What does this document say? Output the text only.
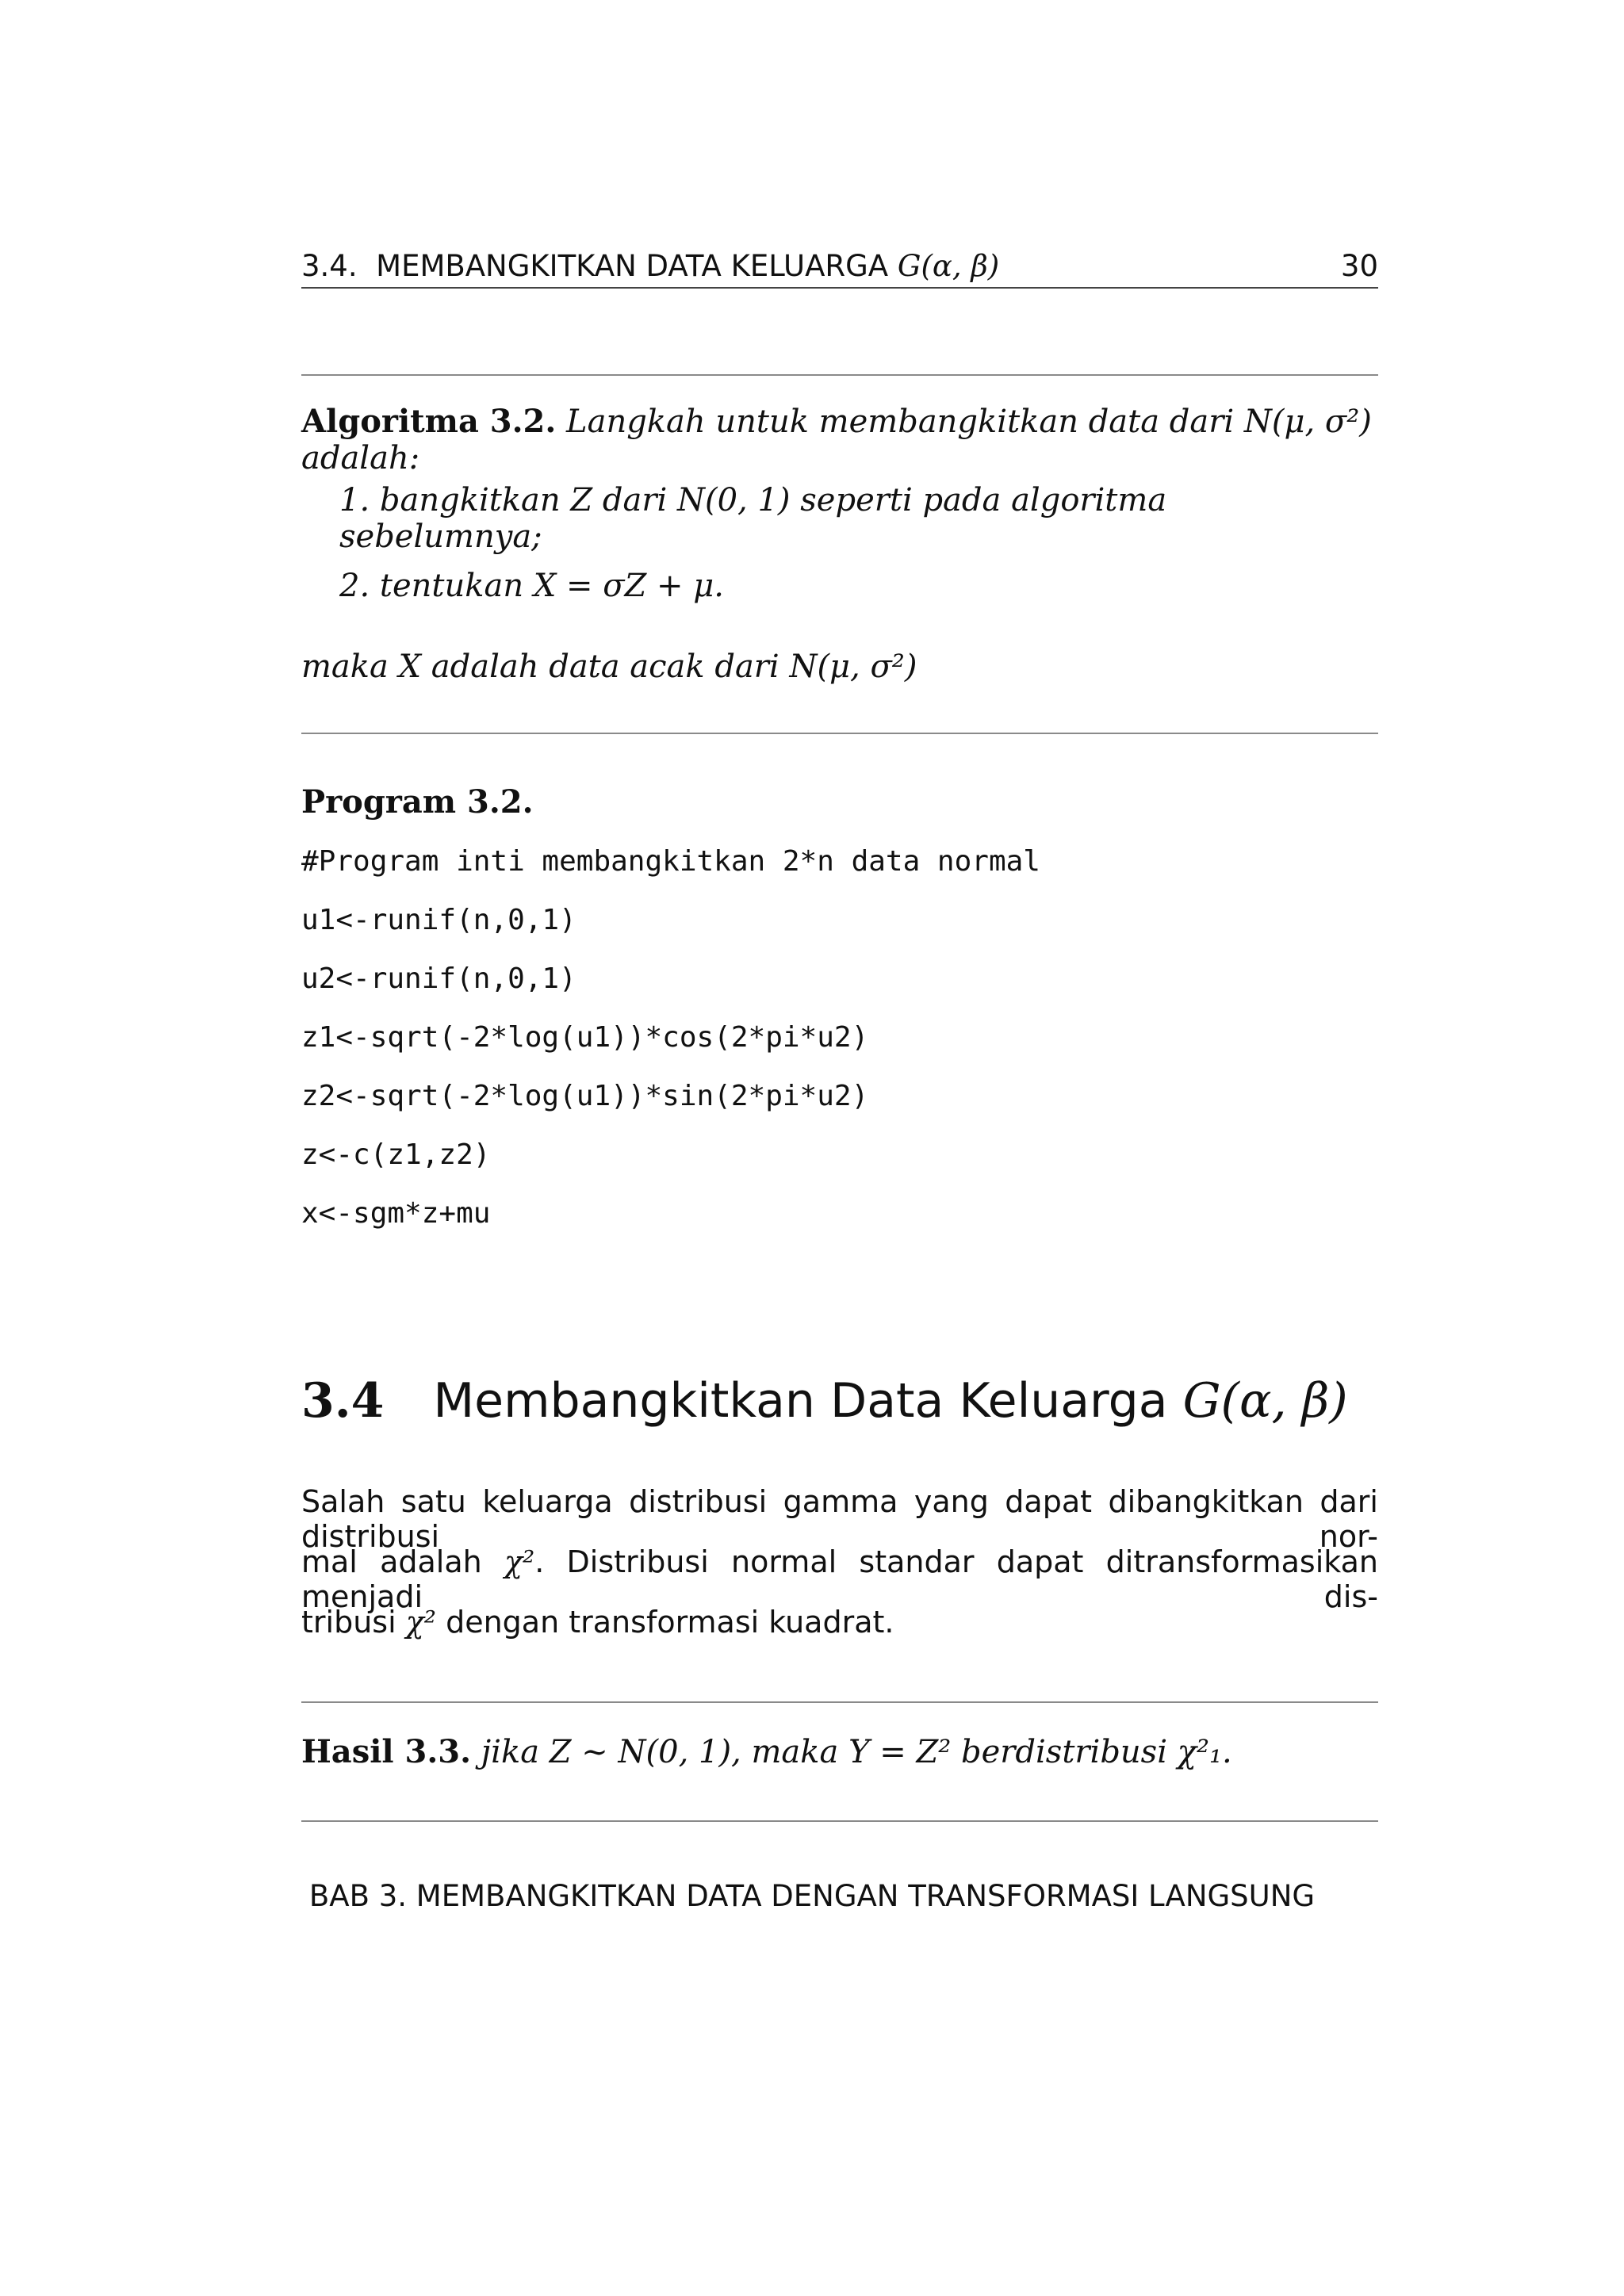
3.4. MEMBANGKITKAN DATA KELUARGA G(α, β)	30
Algoritma 3.2. Langkah untuk membangkitkan data dari N(μ, σ²) adalah:
1. bangkitkan Z dari N(0, 1) seperti pada algoritma sebelumnya;
2. tentukan X = σZ + μ.
maka X adalah data acak dari N(μ, σ²)
Program 3.2.
#Program inti membangkitkan 2*n data normal
u1<-runif(n,0,1)
u2<-runif(n,0,1)
z1<-sqrt(-2*log(u1))*cos(2*pi*u2)
z2<-sqrt(-2*log(u1))*sin(2*pi*u2)
z<-c(z1,z2)
x<-sgm*z+mu
3.4 Membangkitkan Data Keluarga G(α, β)
Salah satu keluarga distribusi gamma yang dapat dibangkitkan dari distribusi nor-
mal adalah χ². Distribusi normal standar dapat ditransformasikan menjadi dis-
tribusi χ² dengan transformasi kuadrat.
Hasil 3.3. jika Z ∼ N(0, 1), maka Y = Z² berdistribusi χ²₁.
BAB 3. MEMBANGKITKAN DATA DENGAN TRANSFORMASI LANGSUNG
